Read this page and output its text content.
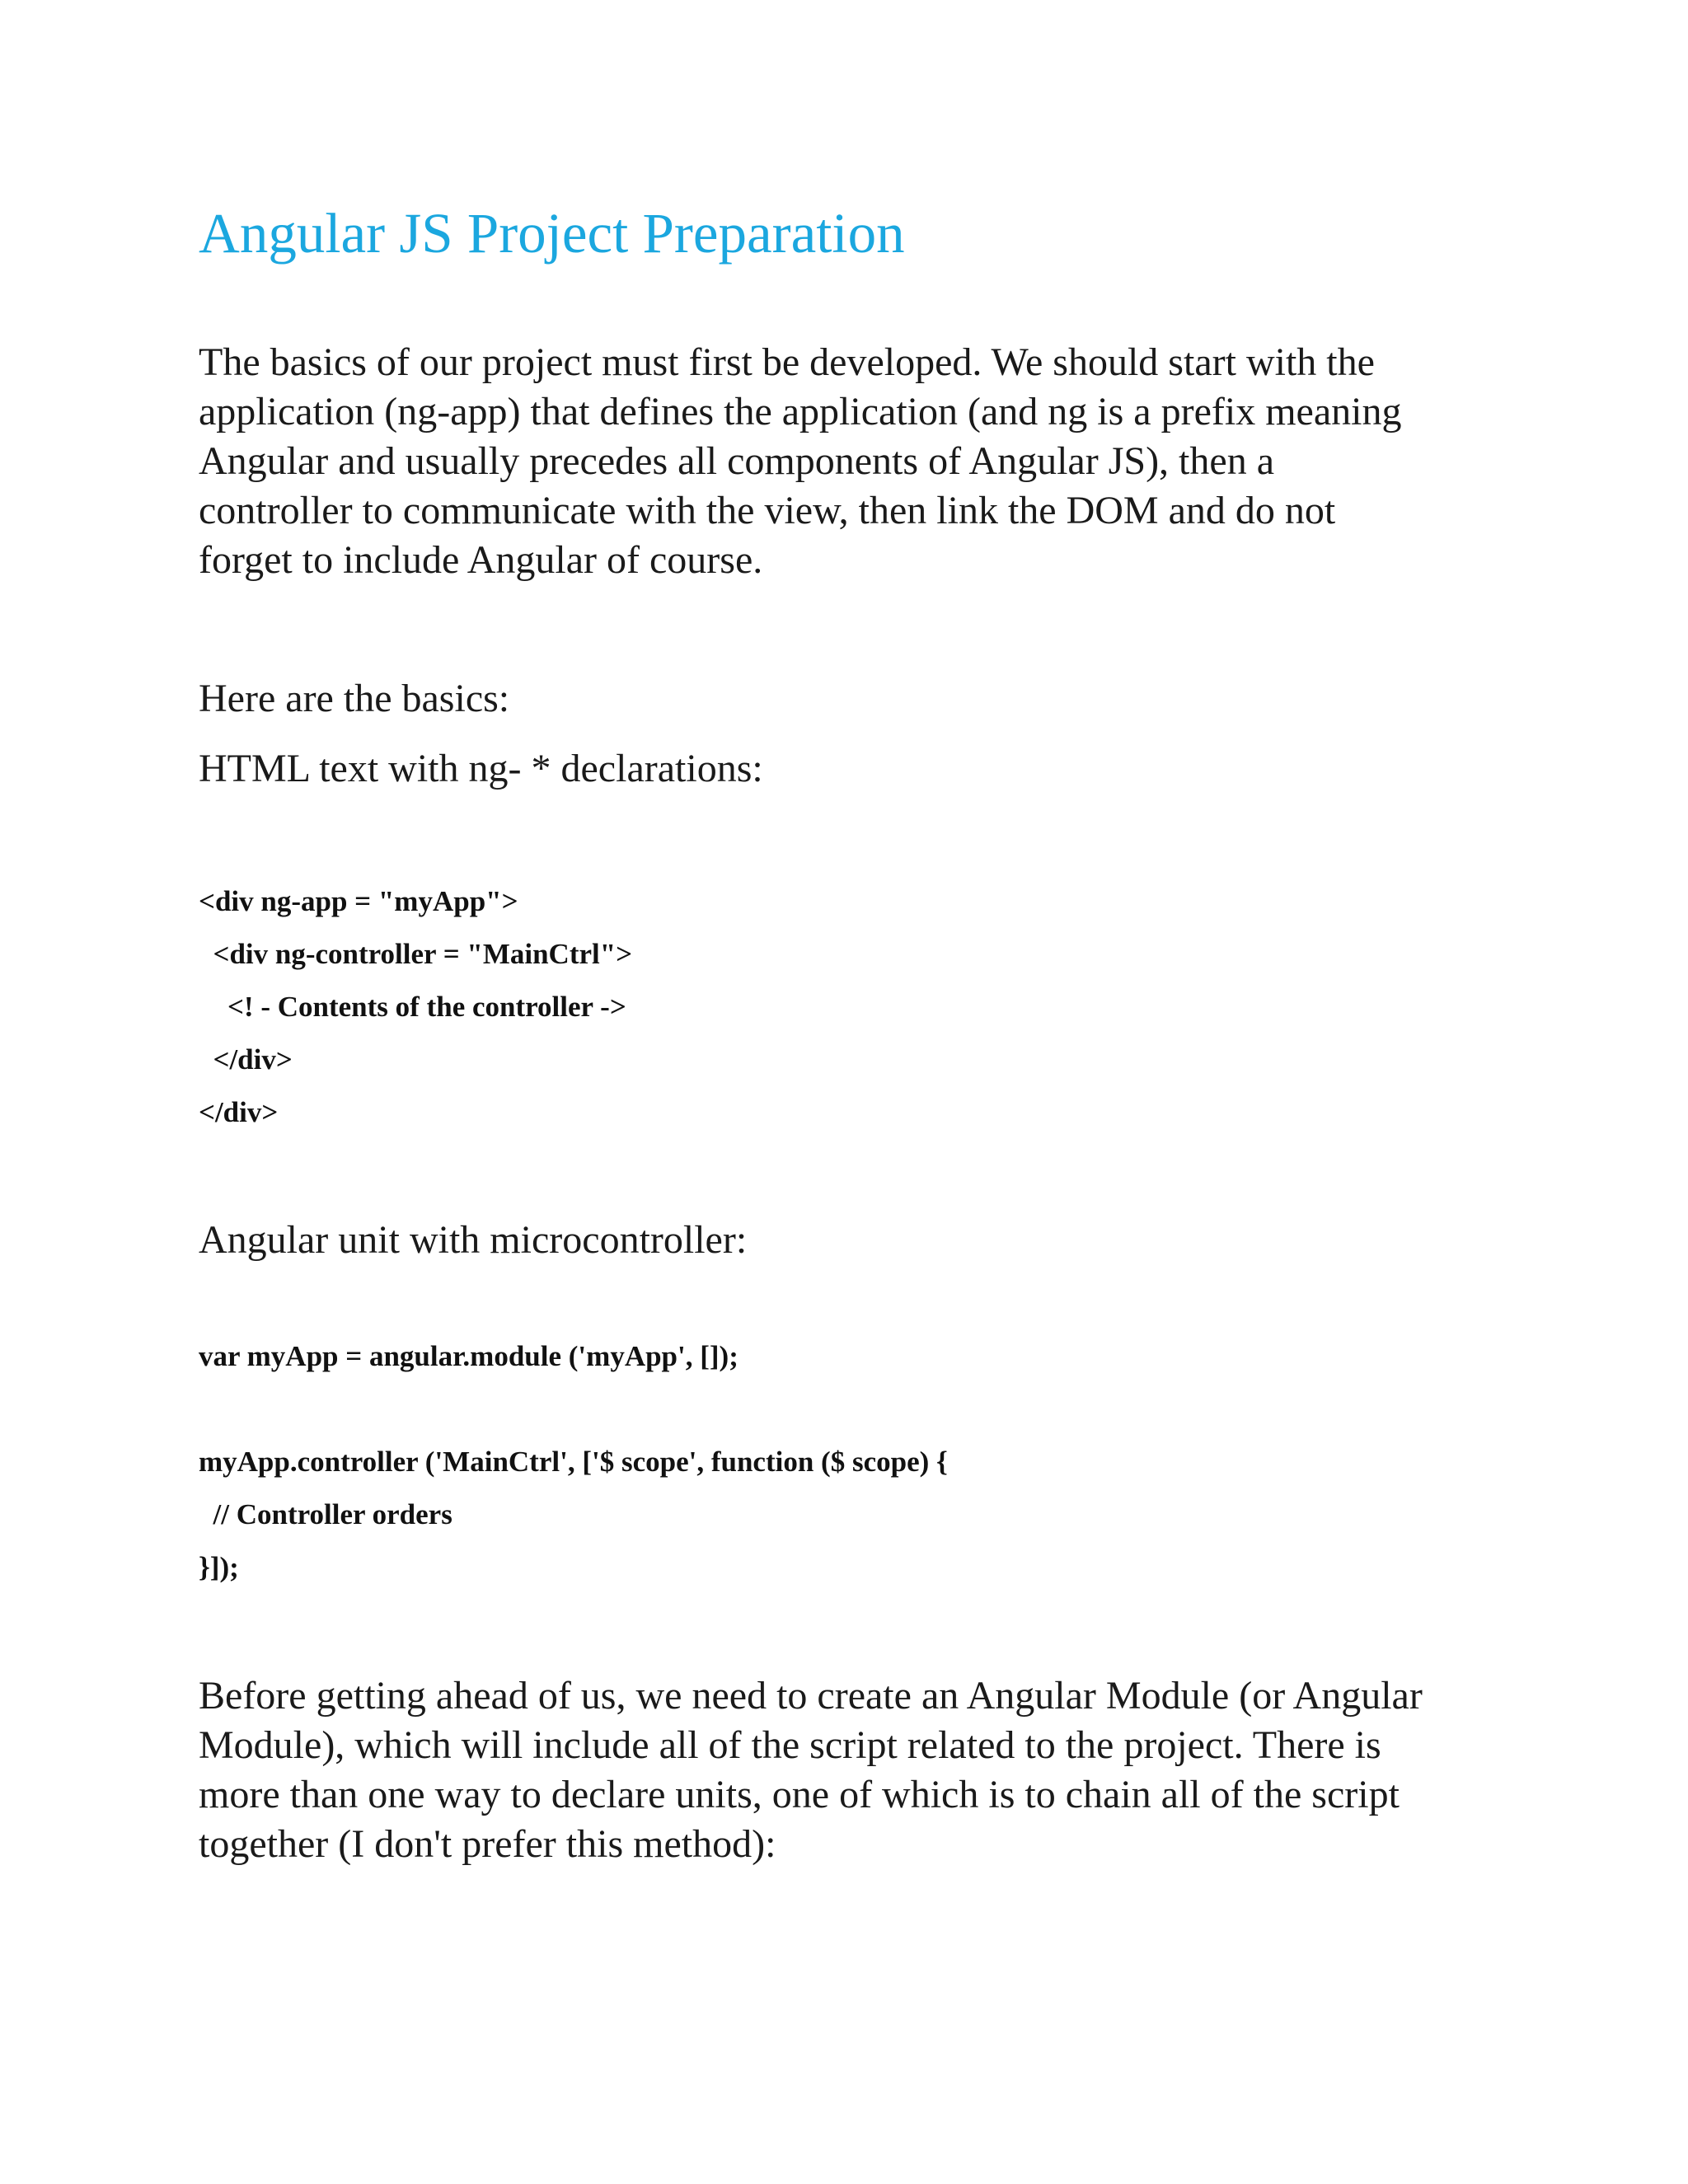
Angular JS Project Preparation

The basics of our project must first be developed. We should start with the
application (ng-app) that defines the application (and ng is a prefix meaning
Angular and usually precedes all components of Angular JS), then a
controller to communicate with the view, then link the DOM and do not
forget to include Angular of course.

Here are the basics:

HTML text with ng- * declarations:

<div ng-app = "myApp">
<div ng-controller = "MainCtrl">
<! - Contents of the controller ->
</div>
</div>

Angular unit with microcontroller:

var myApp = angular.module ('myApp', []);
myApp.controller ('MainCtrl', ['$ scope', function ($ scope) {
// Controller orders
}]);

Before getting ahead of us, we need to create an Angular Module (or Angular
Module), which will include all of the script related to the project. There is
more than one way to declare units, one of which is to chain all of the script
together (I don't prefer this method):
